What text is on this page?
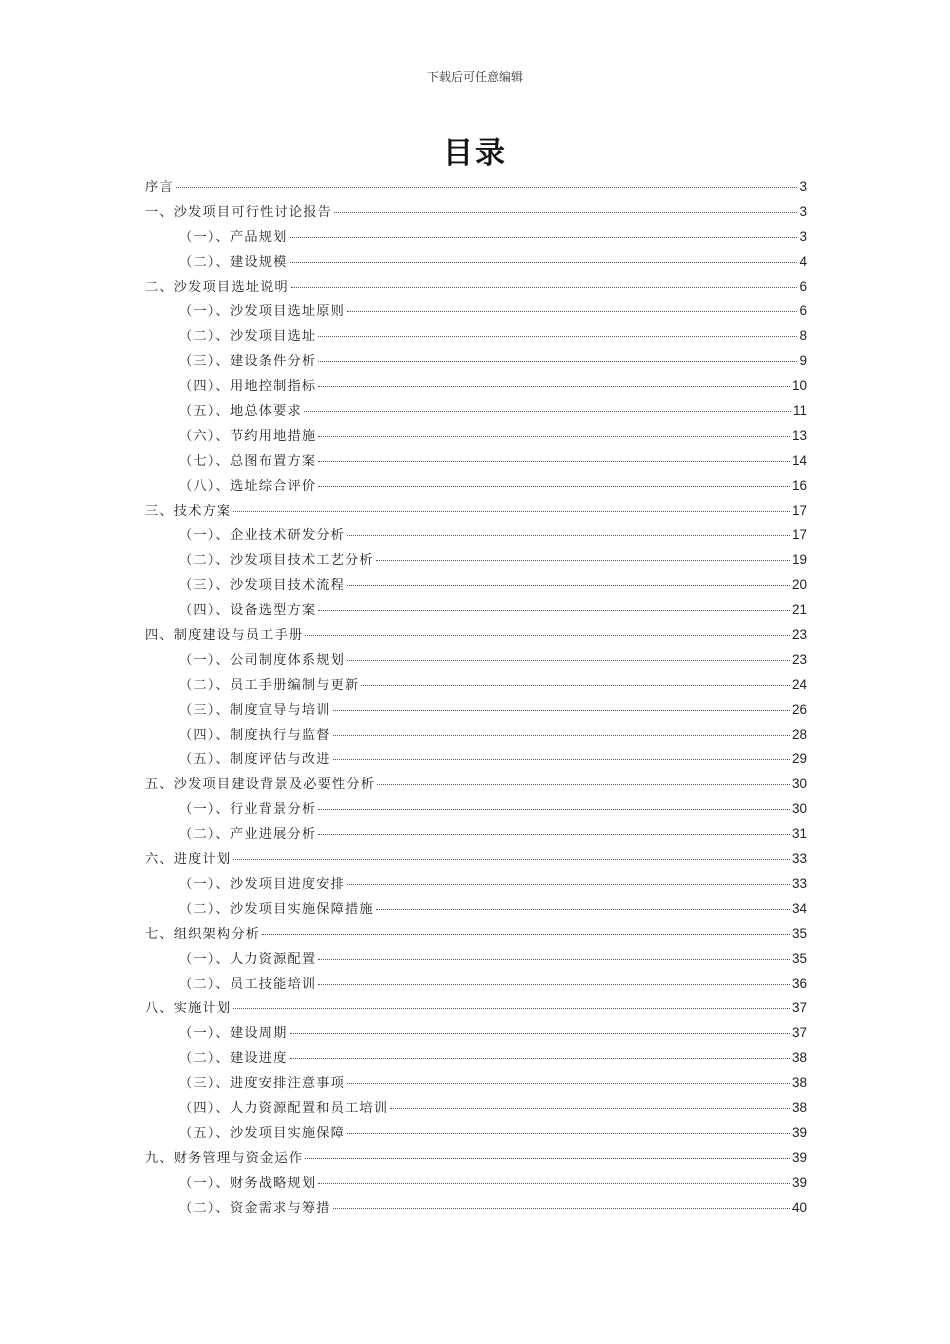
下载后可任意编辑
目录
序言	3
一、沙发项目可行性讨论报告	3
（一）、产品规划	3
（二）、建设规模	4
二、沙发项目选址说明	6
（一）、沙发项目选址原则	6
（二）、沙发项目选址	8
（三）、建设条件分析	9
（四）、用地控制指标	10
（五）、地总体要求	11
（六）、节约用地措施	13
（七）、总图布置方案	14
（八）、选址综合评价	16
三、技术方案	17
（一）、企业技术研发分析	17
（二）、沙发项目技术工艺分析	19
（三）、沙发项目技术流程	20
（四）、设备选型方案	21
四、制度建设与员工手册	23
（一）、公司制度体系规划	23
（二）、员工手册编制与更新	24
（三）、制度宣导与培训	26
（四）、制度执行与监督	28
（五）、制度评估与改进	29
五、沙发项目建设背景及必要性分析	30
（一）、行业背景分析	30
（二）、产业进展分析	31
六、进度计划	33
（一）、沙发项目进度安排	33
（二）、沙发项目实施保障措施	34
七、组织架构分析	35
（一）、人力资源配置	35
（二）、员工技能培训	36
八、实施计划	37
（一）、建设周期	37
（二）、建设进度	38
（三）、进度安排注意事项	38
（四）、人力资源配置和员工培训	38
（五）、沙发项目实施保障	39
九、财务管理与资金运作	39
（一）、财务战略规划	39
（二）、资金需求与筹措	40
